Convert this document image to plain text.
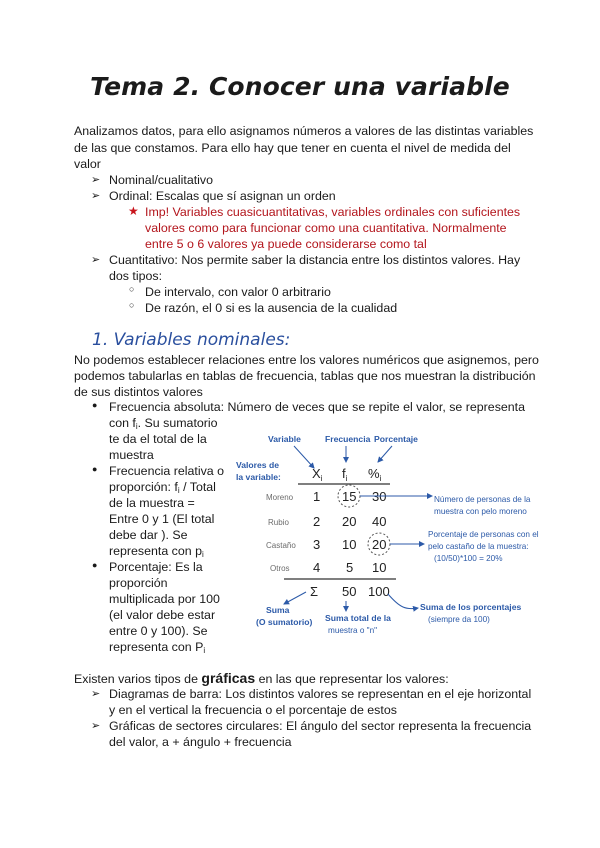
Tema 2. Conocer una variable
Analizamos datos, para ello asignamos números a valores de las distintas variables
de las que constamos. Para ello hay que tener en cuenta el nivel de medida del
valor
➢ Nominal/cualitativo
➢ Ordinal: Escalas que sí asignan un orden
★ Imp! Variables cuasicuantitativas, variables ordinales con suficientes
valores como para funcionar como una cuantitativa. Normalmente
entre 5 o 6 valores ya puede considerarse como tal
➢ Cuantitativo: Nos permite saber la distancia entre los distintos valores. Hay
dos tipos:
○ De intervalo, con valor 0 arbitrario
○ De razón, el 0 si es la ausencia de la cualidad
1. Variables nominales:
No podemos establecer relaciones entre los valores numéricos que asignemos, pero
podemos tabularlas en tablas de frecuencia, tablas que nos muestran la distribución
de sus distintos valores
● Frecuencia absoluta: Número de veces que se repite el valor, se representa
con $f_i$. Su sumatorio
te da el total de la
muestra
● Frecuencia relativa o
proporción: $f_i$ / Total
de la muestra =
Entre 0 y 1 (El total
debe dar ). Se
representa con $p_i$
● Porcentaje: Es la
proporción
multiplicada por 100
(el valor debe estar
entre 0 y 100). Se
representa con $P_i$
Variable	Frecuencia Porcentaje
Valores de
la variable: $X_i$ $f_i$ $\%_i$
Moreno 1 15 30
Rubio 2 20 40
Castaño 3 10 20
Otros 4 5 10
Σ 50 100
Número de personas de la
muestra con pelo moreno
Porcentaje de personas con el
pelo castaño de la muestra:
(10/50)*100 = 20%
Suma
(O sumatorio) Suma total de la
muestra o "n"
Suma de los porcentajes
(siempre da 100)
Existen varios tipos de gráficas en las que representar los valores:
➢ Diagramas de barra: Los distintos valores se representan en el eje horizontal
y en el vertical la frecuencia o el porcentaje de estos
➢ Gráficas de sectores circulares: El ángulo del sector representa la frecuencia
del valor, a + ángulo + frecuencia
